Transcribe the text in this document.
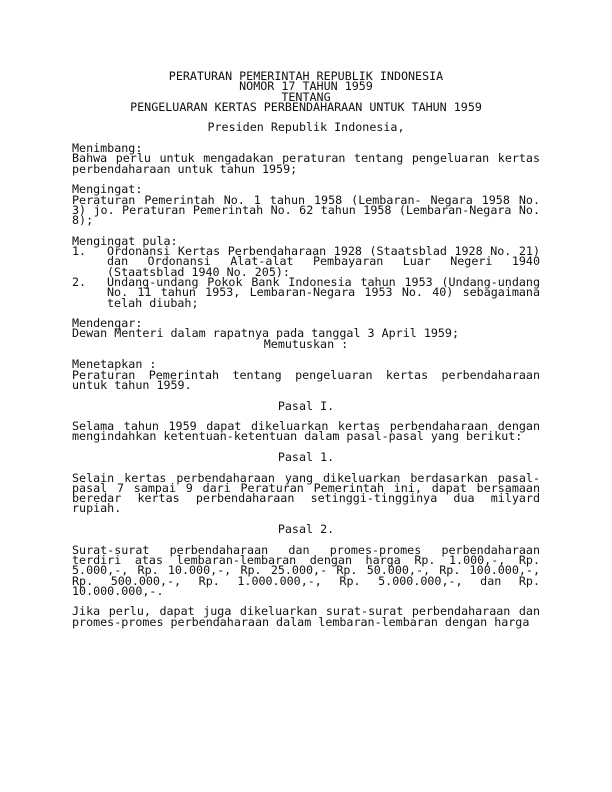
PERATURAN PEMERINTAH REPUBLIK INDONESIA
NOMOR 17 TAHUN 1959
TENTANG
PENGELUARAN KERTAS PERBENDAHARAAN UNTUK TAHUN 1959
Presiden Republik Indonesia,
Menimbang:

Bahwa perlu untuk mengadakan peraturan tentang pengeluaran kertas perbendaharaan untuk tahun 1959;

Mengingat:

Peraturan Pemerintah No. 1 tahun 1958 (Lembaran- Negara 1958 No. 3) jo. Peraturan Pemerintah No. 62 tahun 1958 (Lembaran-Negara No. 8);

Mengingat pula:
1.	Ordonansi Kertas Perbendaharaan 1928 (Staatsblad 1928 No. 21) dan Ordonansi Alat-alat Pembayaran Luar Negeri 1940 (Staatsblad 1940 No. 205):
2.	Undang-undang Pokok Bank Indonesia tahun 1953 (Undang-undang No. 11 tahun 1953, Lembaran-Negara 1953 No. 40) sebagaimana telah diubah;
Mendengar:
Dewan Menteri dalam rapatnya pada tanggal 3 April 1959;
Memutuskan :
Menetapkan :

Peraturan Pemerintah tentang pengeluaran kertas perbendaharaan untuk tahun 1959.

Pasal I.

Selama tahun 1959 dapat dikeluarkan kertas perbendaharaan dengan mengindahkan ketentuan-ketentuan dalam pasal-pasal yang berikut:

Pasal 1.

Selain kertas perbendaharaan yang dikeluarkan berdasarkan pasal-pasal 7 sampai 9 dari Peraturan Pemerintah ini, dapat bersamaan beredar kertas perbendaharaan setinggi-tingginya dua milyard rupiah.

Pasal 2.

Surat-surat perbendaharaan dan promes-promes perbendaharaan terdiri atas lembaran-lembaran dengan harga Rp. 1.000,-, Rp. 5.000,-, Rp. 10.000,-, Rp. 25.000,- Rp. 50.000,-, Rp. 100.000,-, Rp. 500.000,-, Rp. 1.000.000,-, Rp. 5.000.000,-, dan Rp. 10.000.000,-.

Jika perlu, dapat juga dikeluarkan surat-surat perbendaharaan dan promes-promes perbendaharaan dalam lembaran-lembaran dengan harga
